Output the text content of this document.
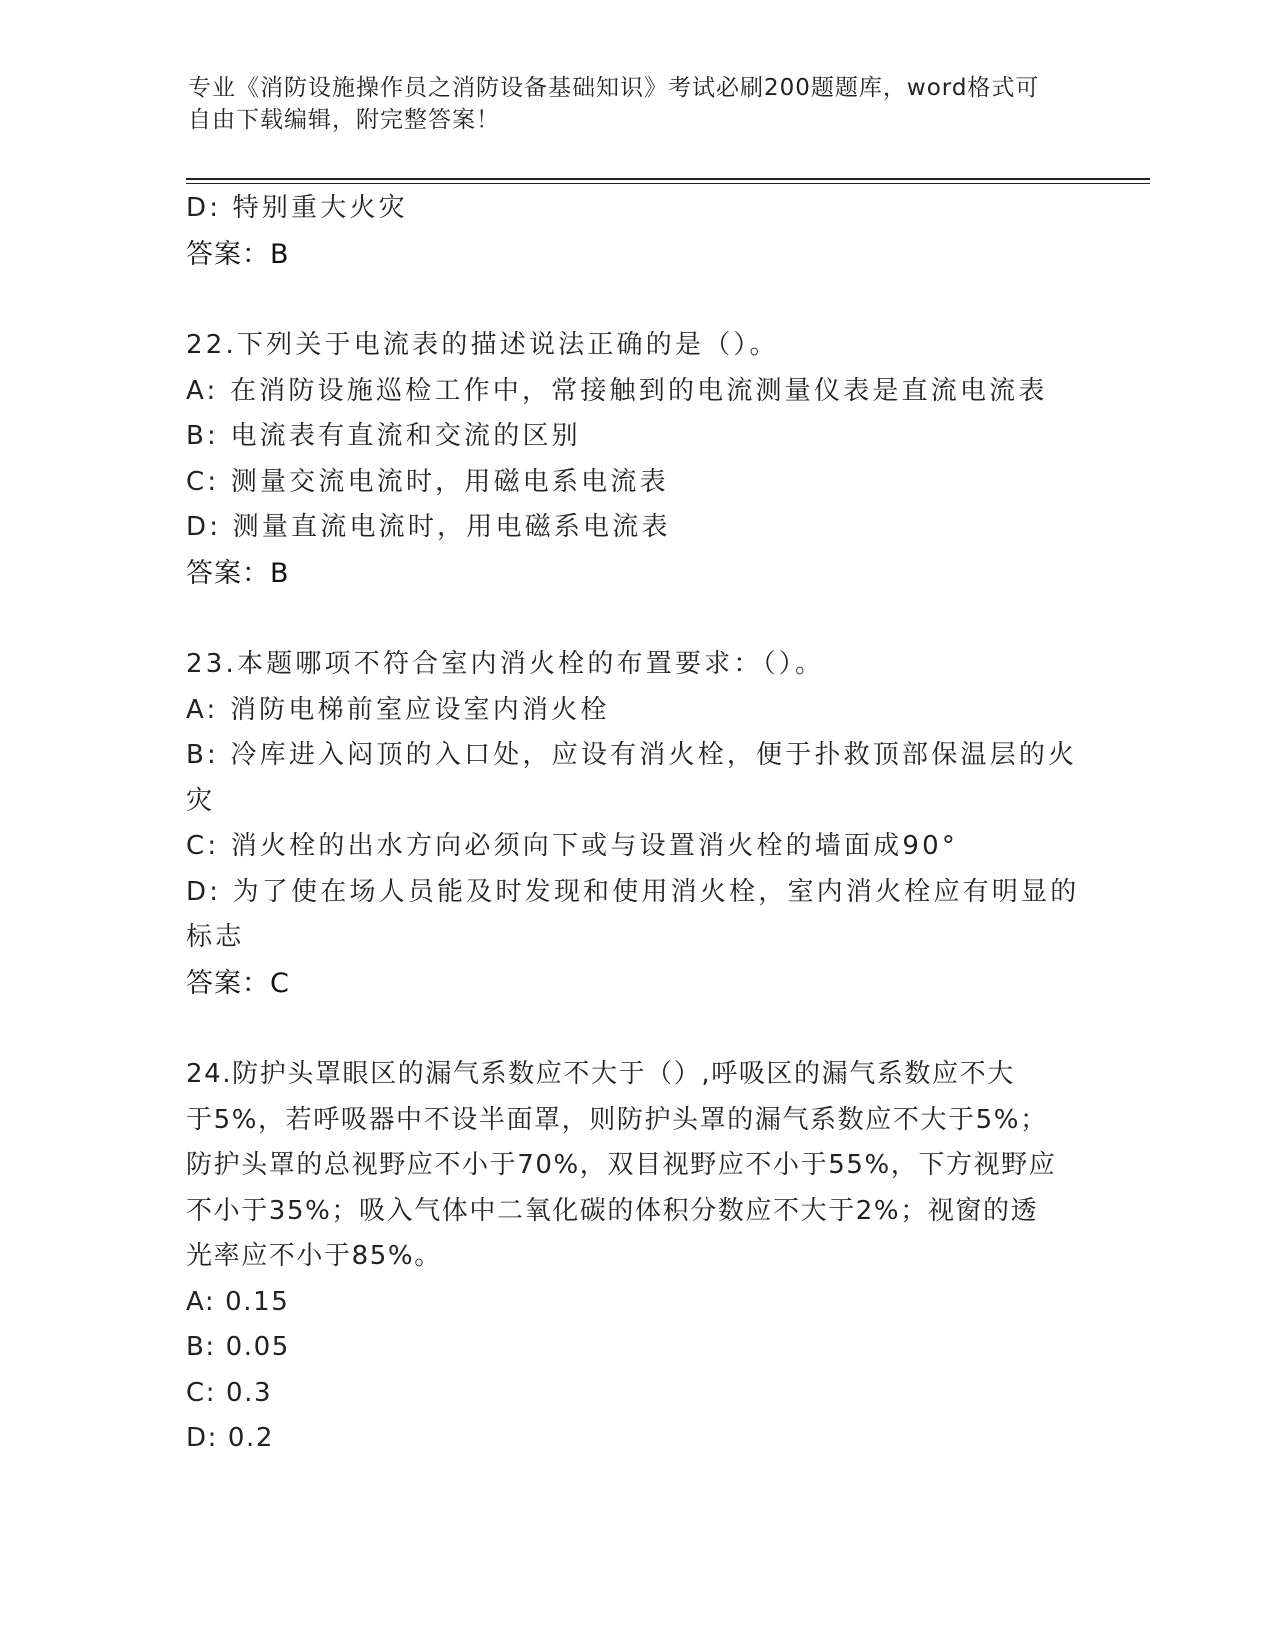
专业《消防设施操作员之消防设备基础知识》考试必刷200题题库，word格式可
自由下载编辑，附完整答案！
D: 特别重大火灾
答案：B
22.下列关于电流表的描述说法正确的是（）。
A: 在消防设施巡检工作中，常接触到的电流测量仪表是直流电流表
B: 电流表有直流和交流的区别
C: 测量交流电流时，用磁电系电流表
D: 测量直流电流时，用电磁系电流表
答案：B
23.本题哪项不符合室内消火栓的布置要求：（）。
A: 消防电梯前室应设室内消火栓
B: 冷库进入闷顶的入口处，应设有消火栓，便于扑救顶部保温层的火
灾
C: 消火栓的出水方向必须向下或与设置消火栓的墙面成90°
D: 为了使在场人员能及时发现和使用消火栓，室内消火栓应有明显的
标志
答案：C
24.防护头罩眼区的漏气系数应不大于（）,呼吸区的漏气系数应不大
于5%，若呼吸器中不设半面罩，则防护头罩的漏气系数应不大于5%；
防护头罩的总视野应不小于70%，双目视野应不小于55%，下方视野应
不小于35%；吸入气体中二氧化碳的体积分数应不大于2%；视窗的透
光率应不小于85%。
A: 0.15
B: 0.05
C: 0.3
D: 0.2
